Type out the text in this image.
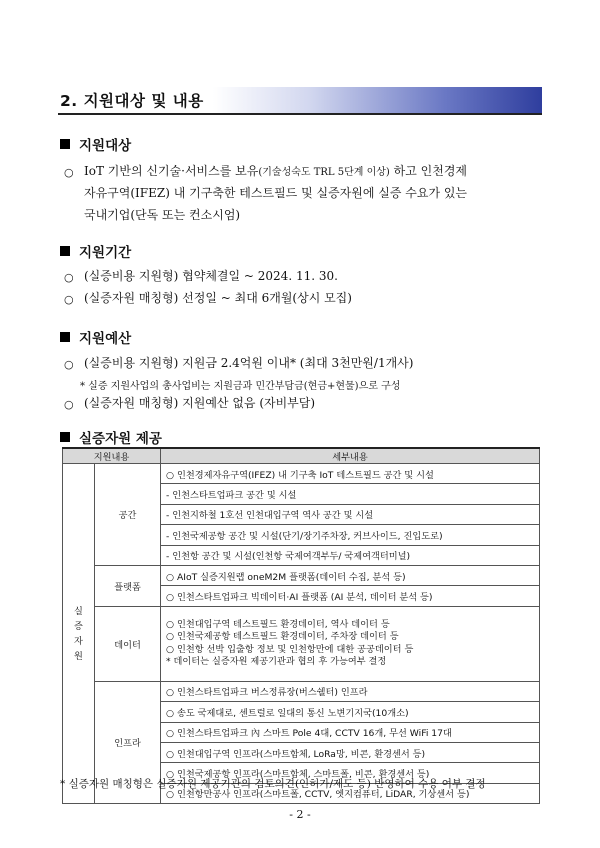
2. 지원대상 및 내용
지원대상
○ IoT 기반의 신기술·서비스를 보유(기술성숙도 TRL 5단계 이상) 하고 인천경제
자유구역(IFEZ) 내 기구축한 테스트필드 및 실증자원에 실증 수요가 있는
국내기업(단독 또는 컨소시엄)
지원기간
○ (실증비용 지원형) 협약체결일 ~ 2024. 11. 30.
○ (실증자원 매칭형) 선정일 ~ 최대 6개월(상시 모집)
지원예산
○ (실증비용 지원형) 지원금 2.4억원 이내* (최대 3천만원/1개사)
* 실증 지원사업의 총사업비는 지원금과 민간부담금(현금+현물)으로 구성
○ (실증자원 매칭형) 지원예산 없음 (자비부담)
실증자원 제공
지원내용		세부내용
실
증
자
원	공간	○ 인천경제자유구역(IFEZ) 내 기구축 IoT 테스트필드 공간 및 시설
		- 인천스타트업파크 공간 및 시설
		- 인천지하철 1호선 인천대입구역 역사 공간 및 시설
		- 인천국제공항 공간 및 시설(단기/장기주차장, 커브사이드, 진입도로)
		- 인천항 공간 및 시설(인천항 국제여객부두/ 국제여객터미널)
	플랫폼	○ AIoT 실증지원랩 oneM2M 플랫폼(데이터 수집, 분석 등)
		○ 인천스타트업파크 빅데이터·AI 플랫폼 (AI 분석, 데이터 분석 등)
	데이터	○ 인천대입구역 테스트필드 환경데이터, 역사 데이터 등
○ 인천국제공항 테스트필드 환경데이터, 주차장 데이터 등
○ 인천항 선박 입출항 정보 및 인천항만에 대한 공공데이터 등
* 데이터는 실증자원 제공기관과 협의 후 가능여부 결정

	인프라	○ 인천스타트업파크 버스정류장(버스쉘터) 인프라
		○ 송도 국제대로, 센트럴로 일대의 통신 노변기지국(10개소)
		○ 인천스타트업파크 內 스마트 Pole 4대, CCTV 16개, 무선 WiFi 17대
		○ 인천대입구역 인프라(스마트함체, LoRa망, 비콘, 환경센서 등)
		○ 인천국제공항 인프라(스마트함체, 스마트폴, 비콘, 환경센서 등)
		○ 인천항만공사 인프라(스마트폴, CCTV, 엣지컴퓨터, LiDAR, 기상센서 등)
* 실증자원 매칭형은 실증자원 제공기관의 검토의견(인허가/제도 등) 반영하여 수용 여부 결정
- 2 -
